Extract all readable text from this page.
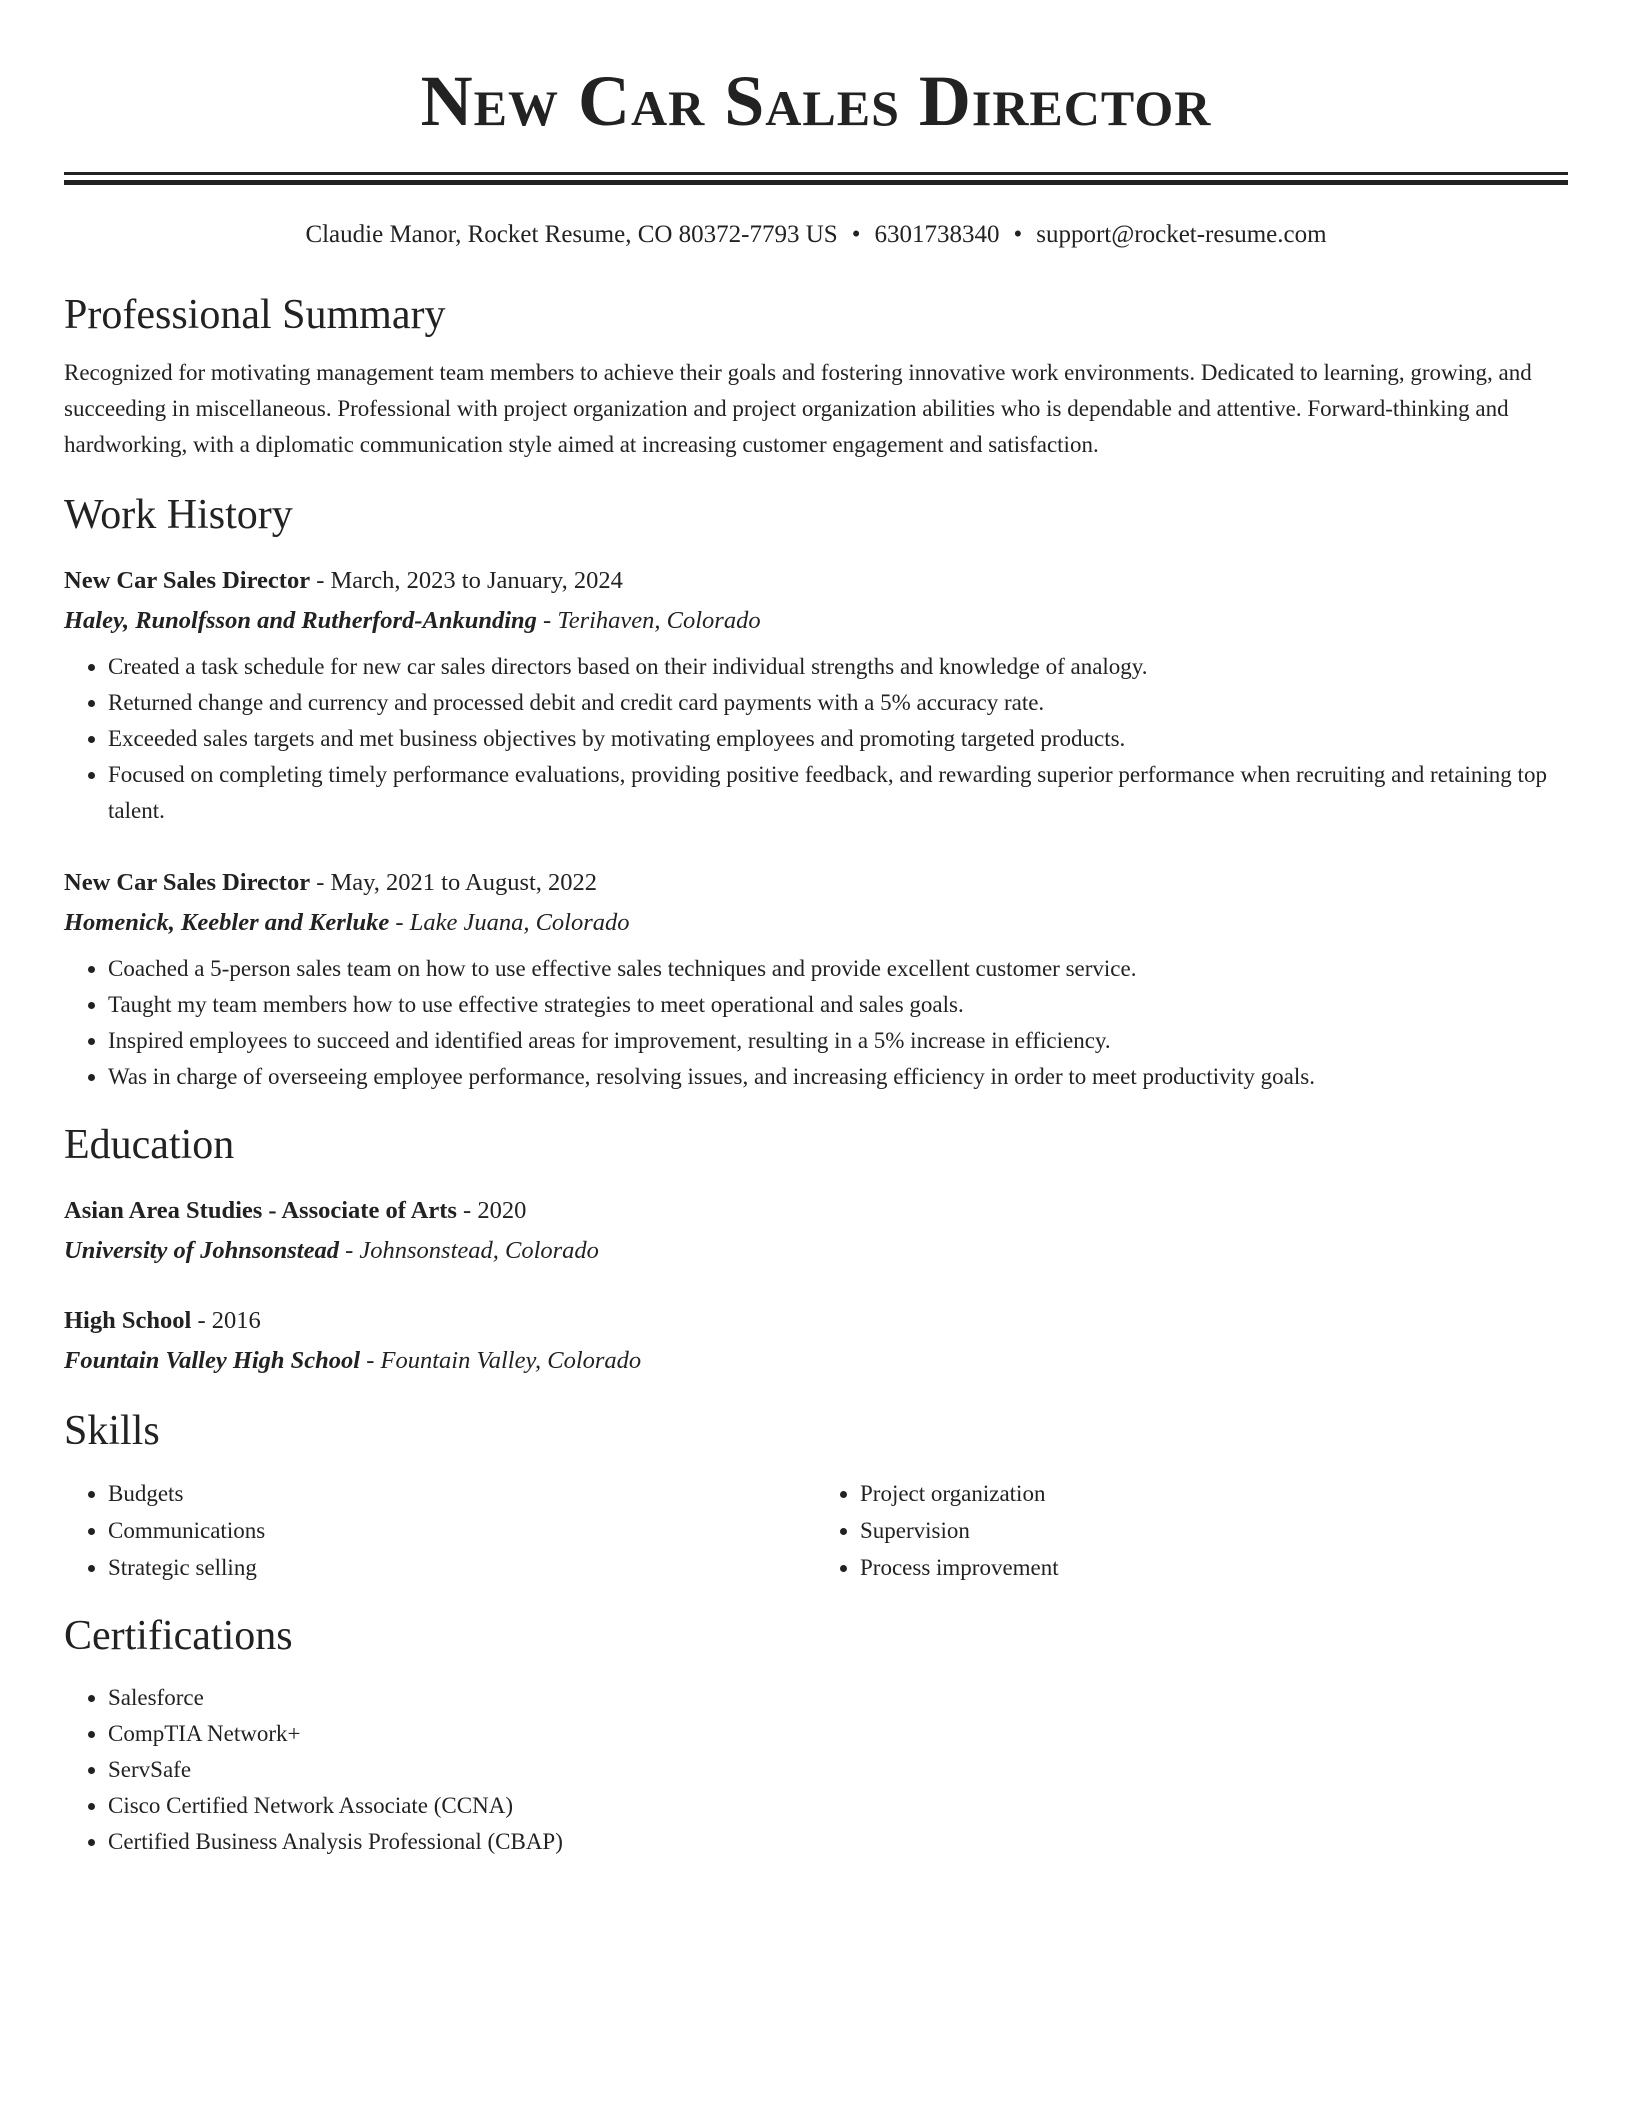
New Car Sales Director
Claudie Manor, Rocket Resume, CO 80372-7793 US • 6301738340 • support@rocket-resume.com
Professional Summary

Recognized for motivating management team members to achieve their goals and fostering innovative work environments. Dedicated to learning, growing, and succeeding in miscellaneous. Professional with project organization and project organization abilities who is dependable and attentive. Forward-thinking and hardworking, with a diplomatic communication style aimed at increasing customer engagement and satisfaction.

Work History
New Car Sales Director - March, 2023 to January, 2024
Haley, Runolfsson and Rutherford-Ankunding - Terihaven, Colorado
• Created a task schedule for new car sales directors based on their individual strengths and knowledge of analogy.
• Returned change and currency and processed debit and credit card payments with a 5% accuracy rate.
• Exceeded sales targets and met business objectives by motivating employees and promoting targeted products.
• Focused on completing timely performance evaluations, providing positive feedback, and rewarding superior performance when recruiting and retaining top talent.
New Car Sales Director - May, 2021 to August, 2022
Homenick, Keebler and Kerluke - Lake Juana, Colorado
• Coached a 5-person sales team on how to use effective sales techniques and provide excellent customer service.
• Taught my team members how to use effective strategies to meet operational and sales goals.
• Inspired employees to succeed and identified areas for improvement, resulting in a 5% increase in efficiency.
• Was in charge of overseeing employee performance, resolving issues, and increasing efficiency in order to meet productivity goals.
Education
Asian Area Studies - Associate of Arts - 2020
University of Johnsonstead - Johnsonstead, Colorado
High School - 2016
Fountain Valley High School - Fountain Valley, Colorado
Skills
• Budgets
• Communications
• Strategic selling
• Project organization
• Supervision
• Process improvement
Certifications
• Salesforce
• CompTIA Network+
• ServSafe
• Cisco Certified Network Associate (CCNA)
• Certified Business Analysis Professional (CBAP)
